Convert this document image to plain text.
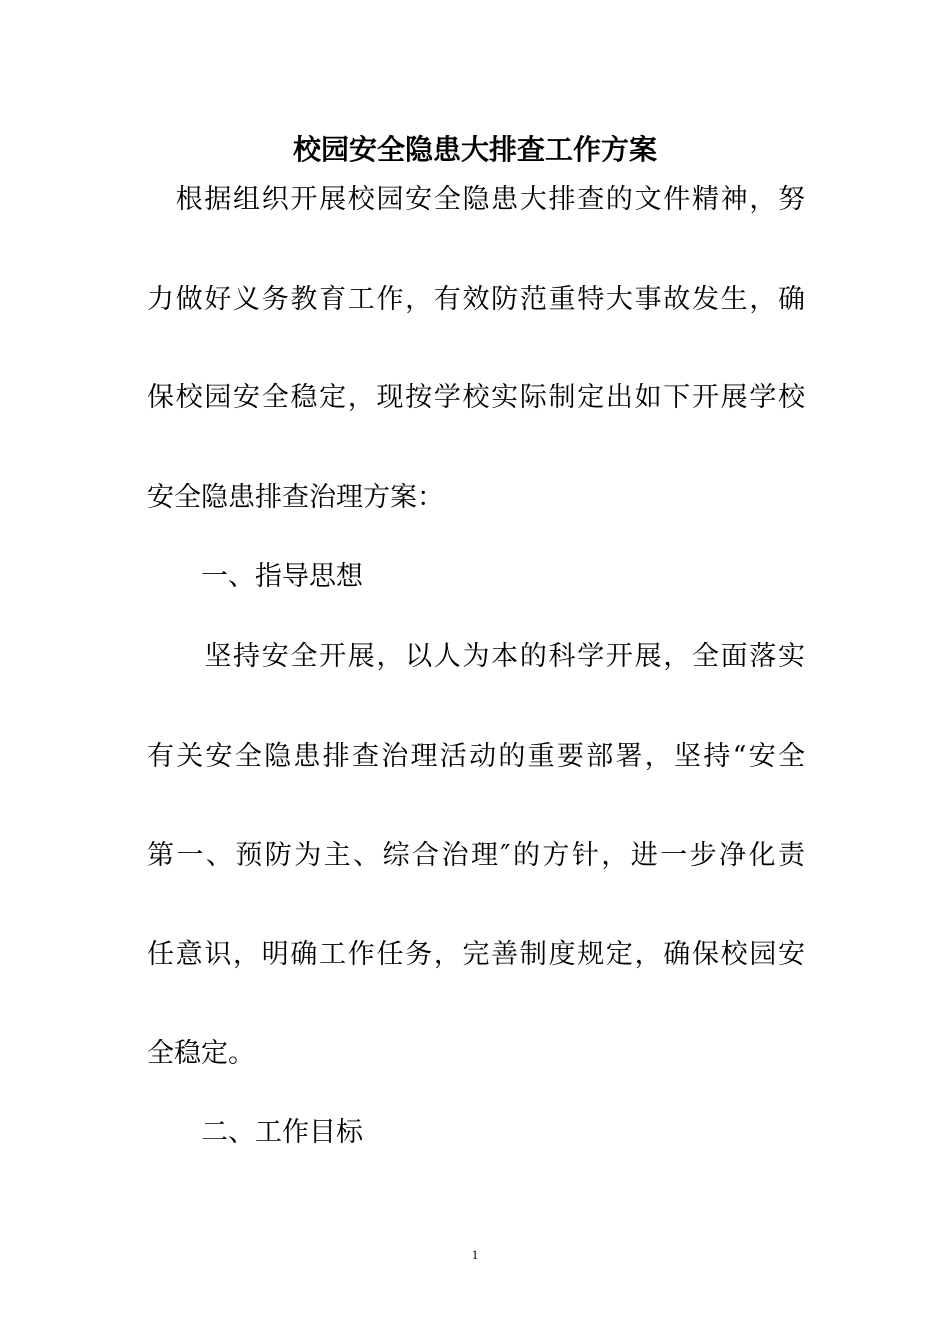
校园安全隐患大排查工作方案
　根据组织开展校园安全隐患大排查的文件精神，努
力做好义务教育工作，有效防范重特大事故发生，确
保校园安全稳定，现按学校实际制定出如下开展学校
安全隐患排查治理方案：
　　一、指导思想
　　坚持安全开展，以人为本的科学开展，全面落实
有关安全隐患排查治理活动的重要部署，坚持“安全
第一、预防为主、综合治理″的方针，进一步净化责
任意识，明确工作任务，完善制度规定，确保校园安
全稳定。
　　二、工作目标
1
